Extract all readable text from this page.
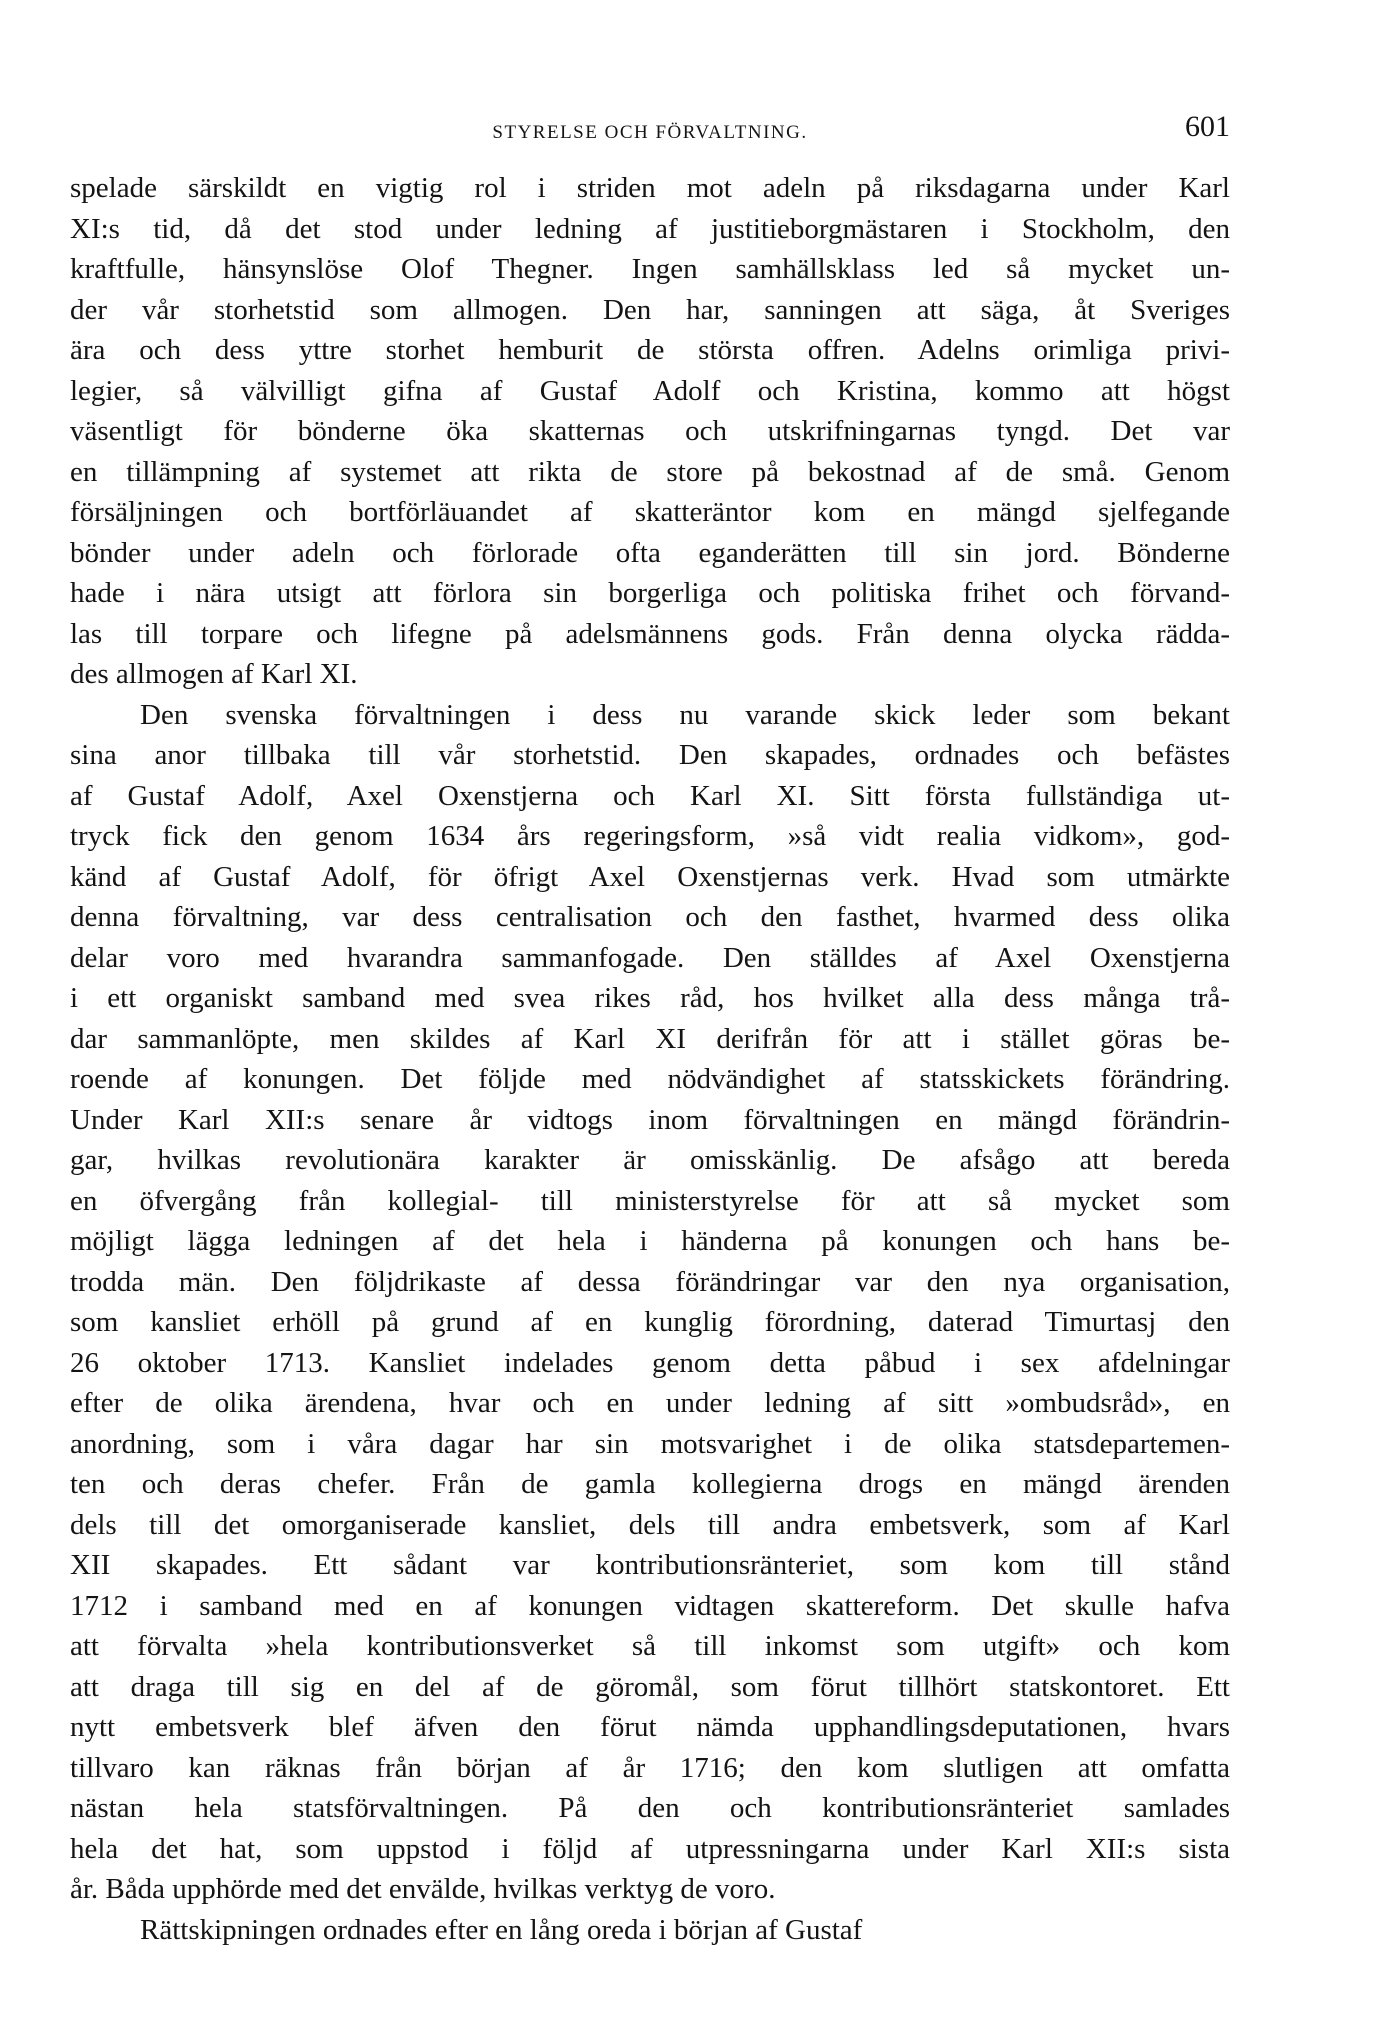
STYRELSE OCH FÖRVALTNING.	601
spelade särskildt en vigtig rol i striden mot adeln på riksdagarna under Karl
XI:s tid, då det stod under ledning af justitieborgmästaren i Stockholm, den
kraftfulle, hänsynslöse Olof Thegner. Ingen samhällsklass led så mycket un-
der vår storhetstid som allmogen. Den har, sanningen att säga, åt Sveriges
ära och dess yttre storhet hemburit de största offren. Adelns orimliga privi-
legier, så välvilligt gifna af Gustaf Adolf och Kristina, kommo att högst
väsentligt för bönderne öka skatternas och utskrifningarnas tyngd. Det var
en tillämpning af systemet att rikta de store på bekostnad af de små. Genom
försäljningen och bortförläuandet af skatteräntor kom en mängd sjelfegande
bönder under adeln och förlorade ofta eganderätten till sin jord. Bönderne
hade i nära utsigt att förlora sin borgerliga och politiska frihet och förvand-
las till torpare och lifegne på adelsmännens gods. Från denna olycka räddа-
des allmogen af Karl XI.
Den svenska förvaltningen i dess nu varande skick leder som bekant
sina anor tillbaka till vår storhetstid. Den skapades, ordnades och befästes
af Gustaf Adolf, Axel Oxenstjerna och Karl XI. Sitt första fullständiga ut-
tryck fick den genom 1634 års regeringsform, »så vidt realia vidkom», god-
känd af Gustaf Adolf, för öfrigt Axel Oxenstjernas verk. Hvad som utmärkte
denna förvaltning, var dess centralisation och den fasthet, hvarmed dess olika
delar voro med hvarandra sammanfogade. Den ställdes af Axel Oxenstjerna
i ett organiskt samband med svea rikes råd, hos hvilket alla dess många trå-
dar sammanlöpte, men skildes af Karl XI derifrån för att i stället göras be-
roende af konungen. Det följde med nödvändighet af statsskickets förändring.
Under Karl XII:s senare år vidtogs inom förvaltningen en mängd förändrin-
gar, hvilkas revolutionära karakter är omisskänlig. De afsågo att bereda
en öfvergång från kollegial- till ministerstyrelse för att så mycket som
möjligt lägga ledningen af det hela i händerna på konungen och hans be-
trodda män. Den följdrikaste af dessa förändringar var den nya organisation,
som kansliet erhöll på grund af en kunglig förordning, daterad Timurtasj den
26 oktober 1713. Kansliet indelades genom detta påbud i sex afdelningar
efter de olika ärendena, hvar och en under ledning af sitt »ombudsråd», en
anordning, som i våra dagar har sin motsvarighet i de olika statsdepartemen-
ten och deras chefer. Från de gamla kollegierna drogs en mängd ärenden
dels till det omorganiserade kansliet, dels till andra embetsverk, som af Karl
XII skapades. Ett sådant var kontributionsränteriet, som kom till stånd
1712 i samband med en af konungen vidtagen skattereform. Det skulle hafva
att förvalta »hela kontributionsverket så till inkomst som utgift» och kom
att draga till sig en del af de göromål, som förut tillhört statskontoret. Ett
nytt embetsverk blef äfven den förut nämda upphandlingsdeputationen, hvars
tillvaro kan räknas från början af år 1716; den kom slutligen att omfatta
nästan hela statsförvaltningen. På den och kontributionsränteriet samlades
hela det hat, som uppstod i följd af utpressningarna under Karl XII:s sista
år. Båda upphörde med det envälde, hvilkas verktyg de voro.
Rättskipningen ordnades efter en lång oreda i början af Gustaf
